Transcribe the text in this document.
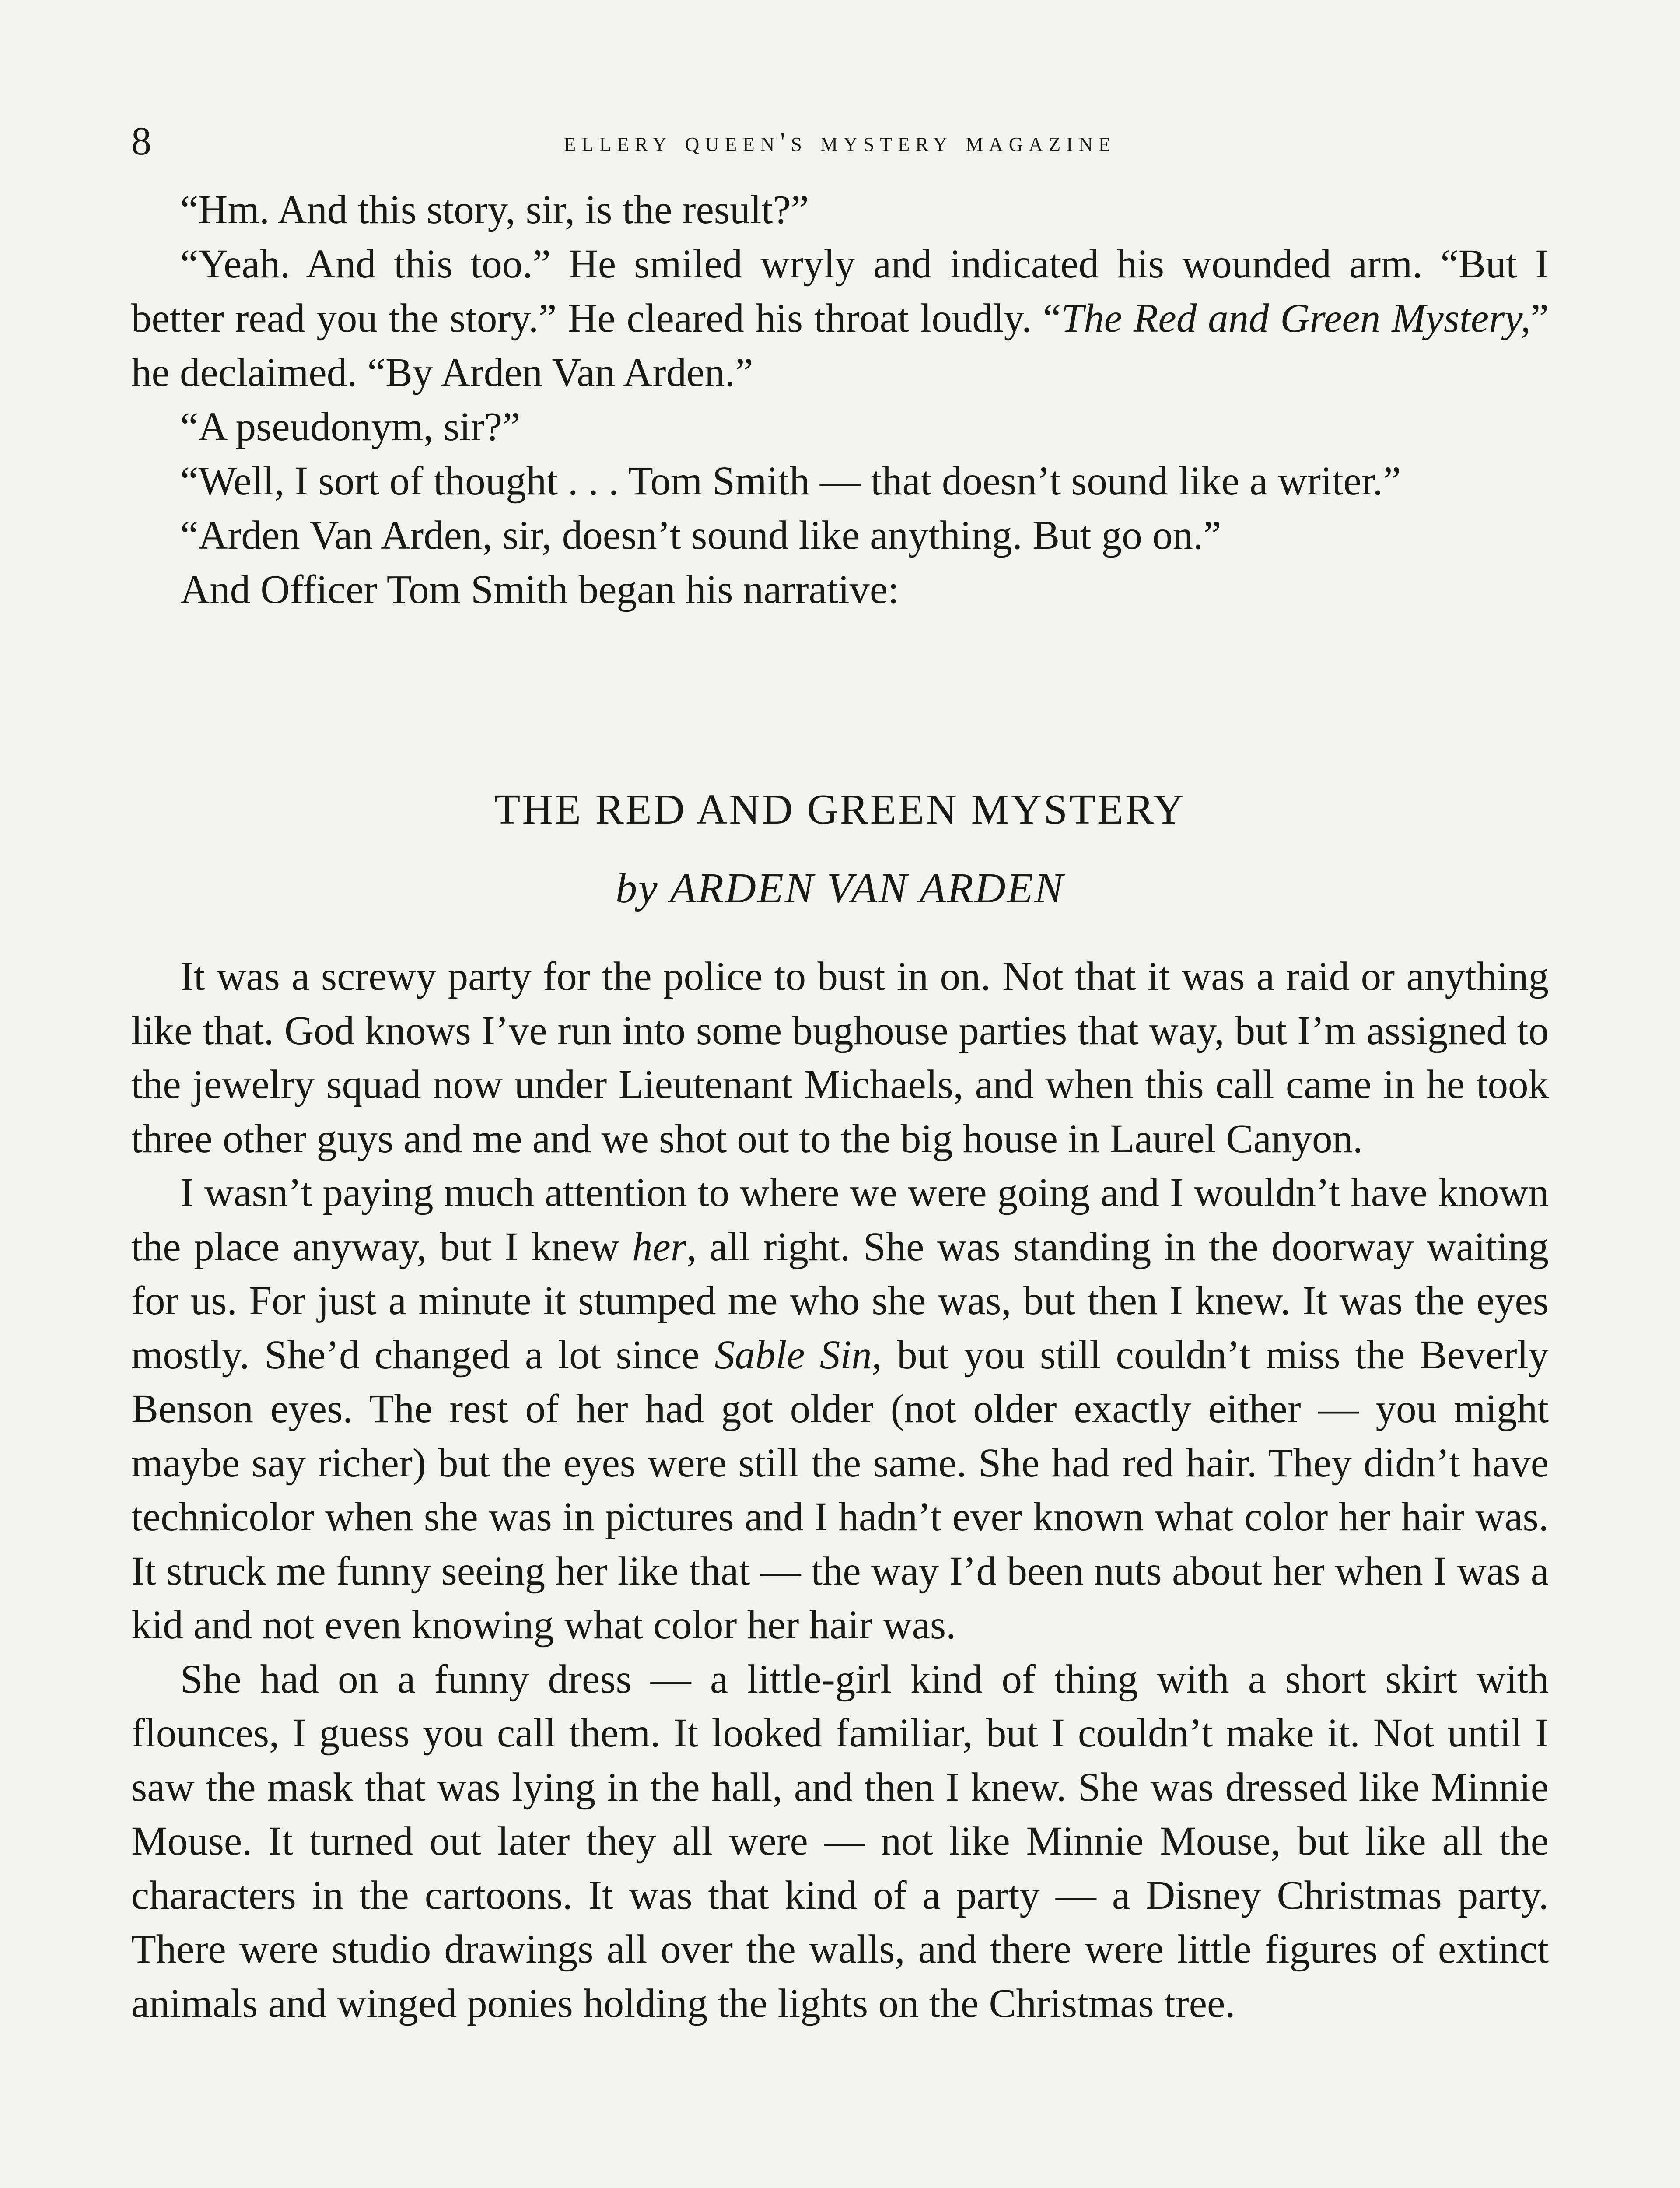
8	ellery queen's mystery magazine

“Hm. And this story, sir, is the result?”

“Yeah. And this too.” He smiled wryly and indicated his wounded arm. “But I better read you the story.” He cleared his throat loudly. “The Red and Green Mystery,” he declaimed. “By Arden Van Arden.”

“A pseudonym, sir?”

“Well, I sort of thought . . . Tom Smith — that doesn’t sound like a writer.”

“Arden Van Arden, sir, doesn’t sound like anything. But go on.”

And Officer Tom Smith began his narrative:

THE RED AND GREEN MYSTERY
by ARDEN VAN ARDEN

It was a screwy party for the police to bust in on. Not that it was a raid or anything like that. God knows I’ve run into some bughouse parties that way, but I’m assigned to the jewelry squad now under Lieutenant Michaels, and when this call came in he took three other guys and me and we shot out to the big house in Laurel Canyon.

I wasn’t paying much attention to where we were going and I wouldn’t have known the place anyway, but I knew her, all right. She was standing in the doorway waiting for us. For just a minute it stumped me who she was, but then I knew. It was the eyes mostly. She’d changed a lot since Sable Sin, but you still couldn’t miss the Beverly Benson eyes. The rest of her had got older (not older exactly either — you might maybe say richer) but the eyes were still the same. She had red hair. They didn’t have technicolor when she was in pictures and I hadn’t ever known what color her hair was. It struck me funny seeing her like that — the way I’d been nuts about her when I was a kid and not even knowing what color her hair was.

She had on a funny dress — a little-girl kind of thing with a short skirt with flounces, I guess you call them. It looked familiar, but I couldn’t make it. Not until I saw the mask that was lying in the hall, and then I knew. She was dressed like Minnie Mouse. It turned out later they all were — not like Minnie Mouse, but like all the characters in the cartoons. It was that kind of a party — a Disney Christmas party. There were studio drawings all over the walls, and there were little figures of extinct animals and winged ponies holding the lights on the Christmas tree.
